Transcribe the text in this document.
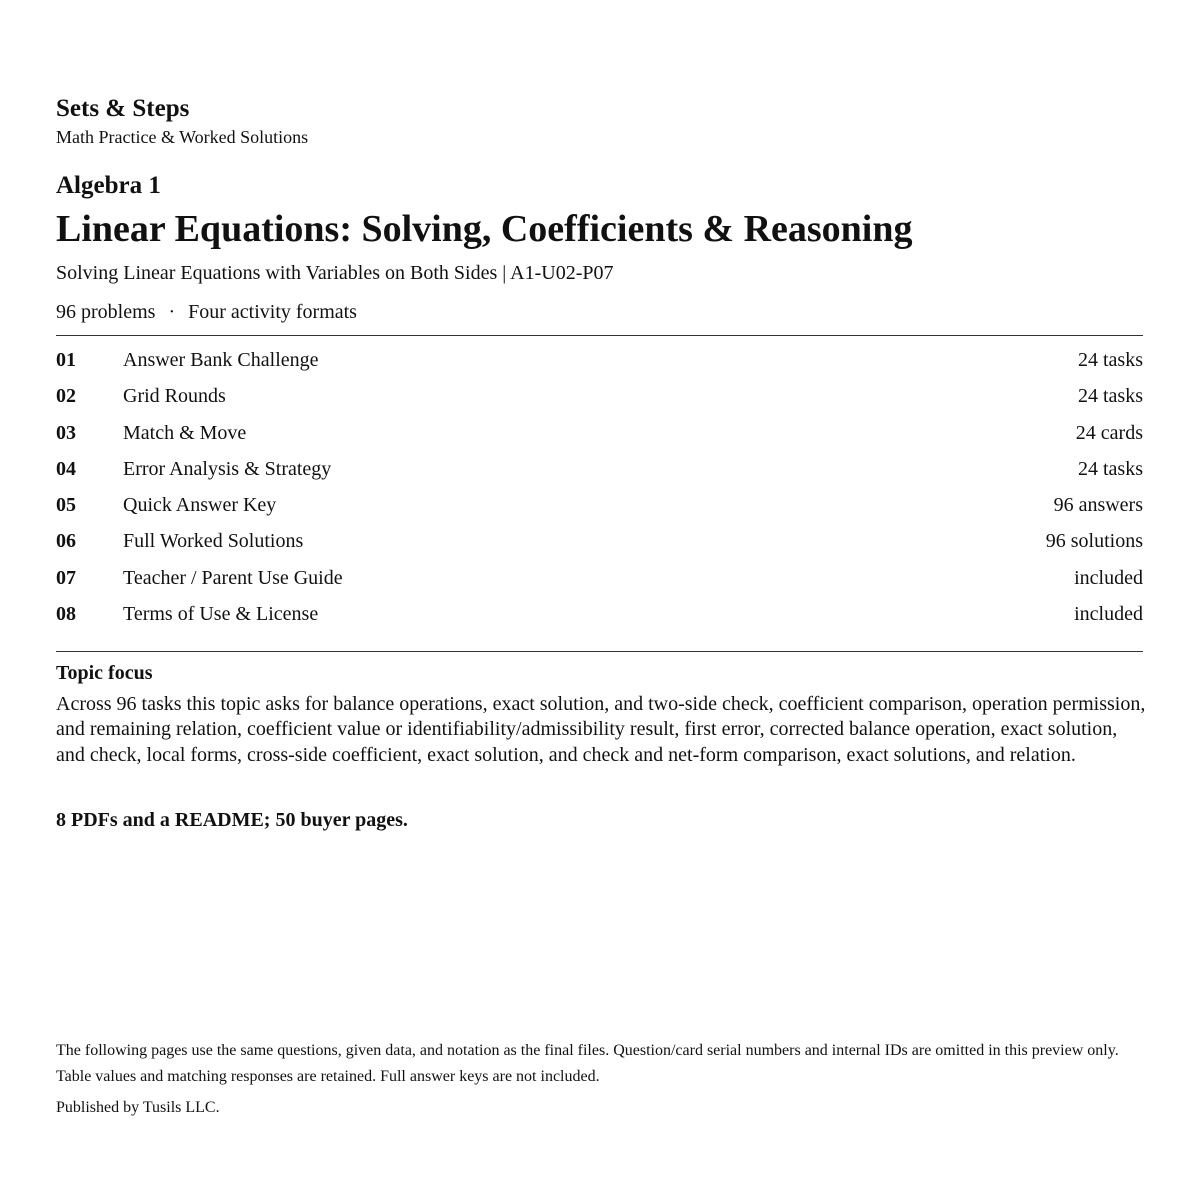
Sets & Steps
Math Practice & Worked Solutions
Algebra 1
Linear Equations: Solving, Coefficients & Reasoning
Solving Linear Equations with Variables on Both Sides | A1-U02-P07
96 problems · Four activity formats
01 Answer Bank Challenge	24 tasks
02 Grid Rounds	24 tasks
03 Match & Move	24 cards
04 Error Analysis & Strategy	24 tasks
05 Quick Answer Key	96 answers
06 Full Worked Solutions	96 solutions
07 Teacher / Parent Use Guide	included
08 Terms of Use & License	included
Topic focus
Across 96 tasks this topic asks for balance operations, exact solution, and two-side check, coefficient comparison, operation permission, and remaining relation, coefficient value or identifiability/admissibility result, first error, corrected balance operation, exact solution, and check, local forms, cross-side coefficient, exact solution, and check and net-form comparison, exact solutions, and relation.
8 PDFs and a README; 50 buyer pages.
The following pages use the same questions, given data, and notation as the final files. Question/card serial numbers and internal IDs are omitted in this preview only. Table values and matching responses are retained. Full answer keys are not included.
Published by Tusils LLC.
